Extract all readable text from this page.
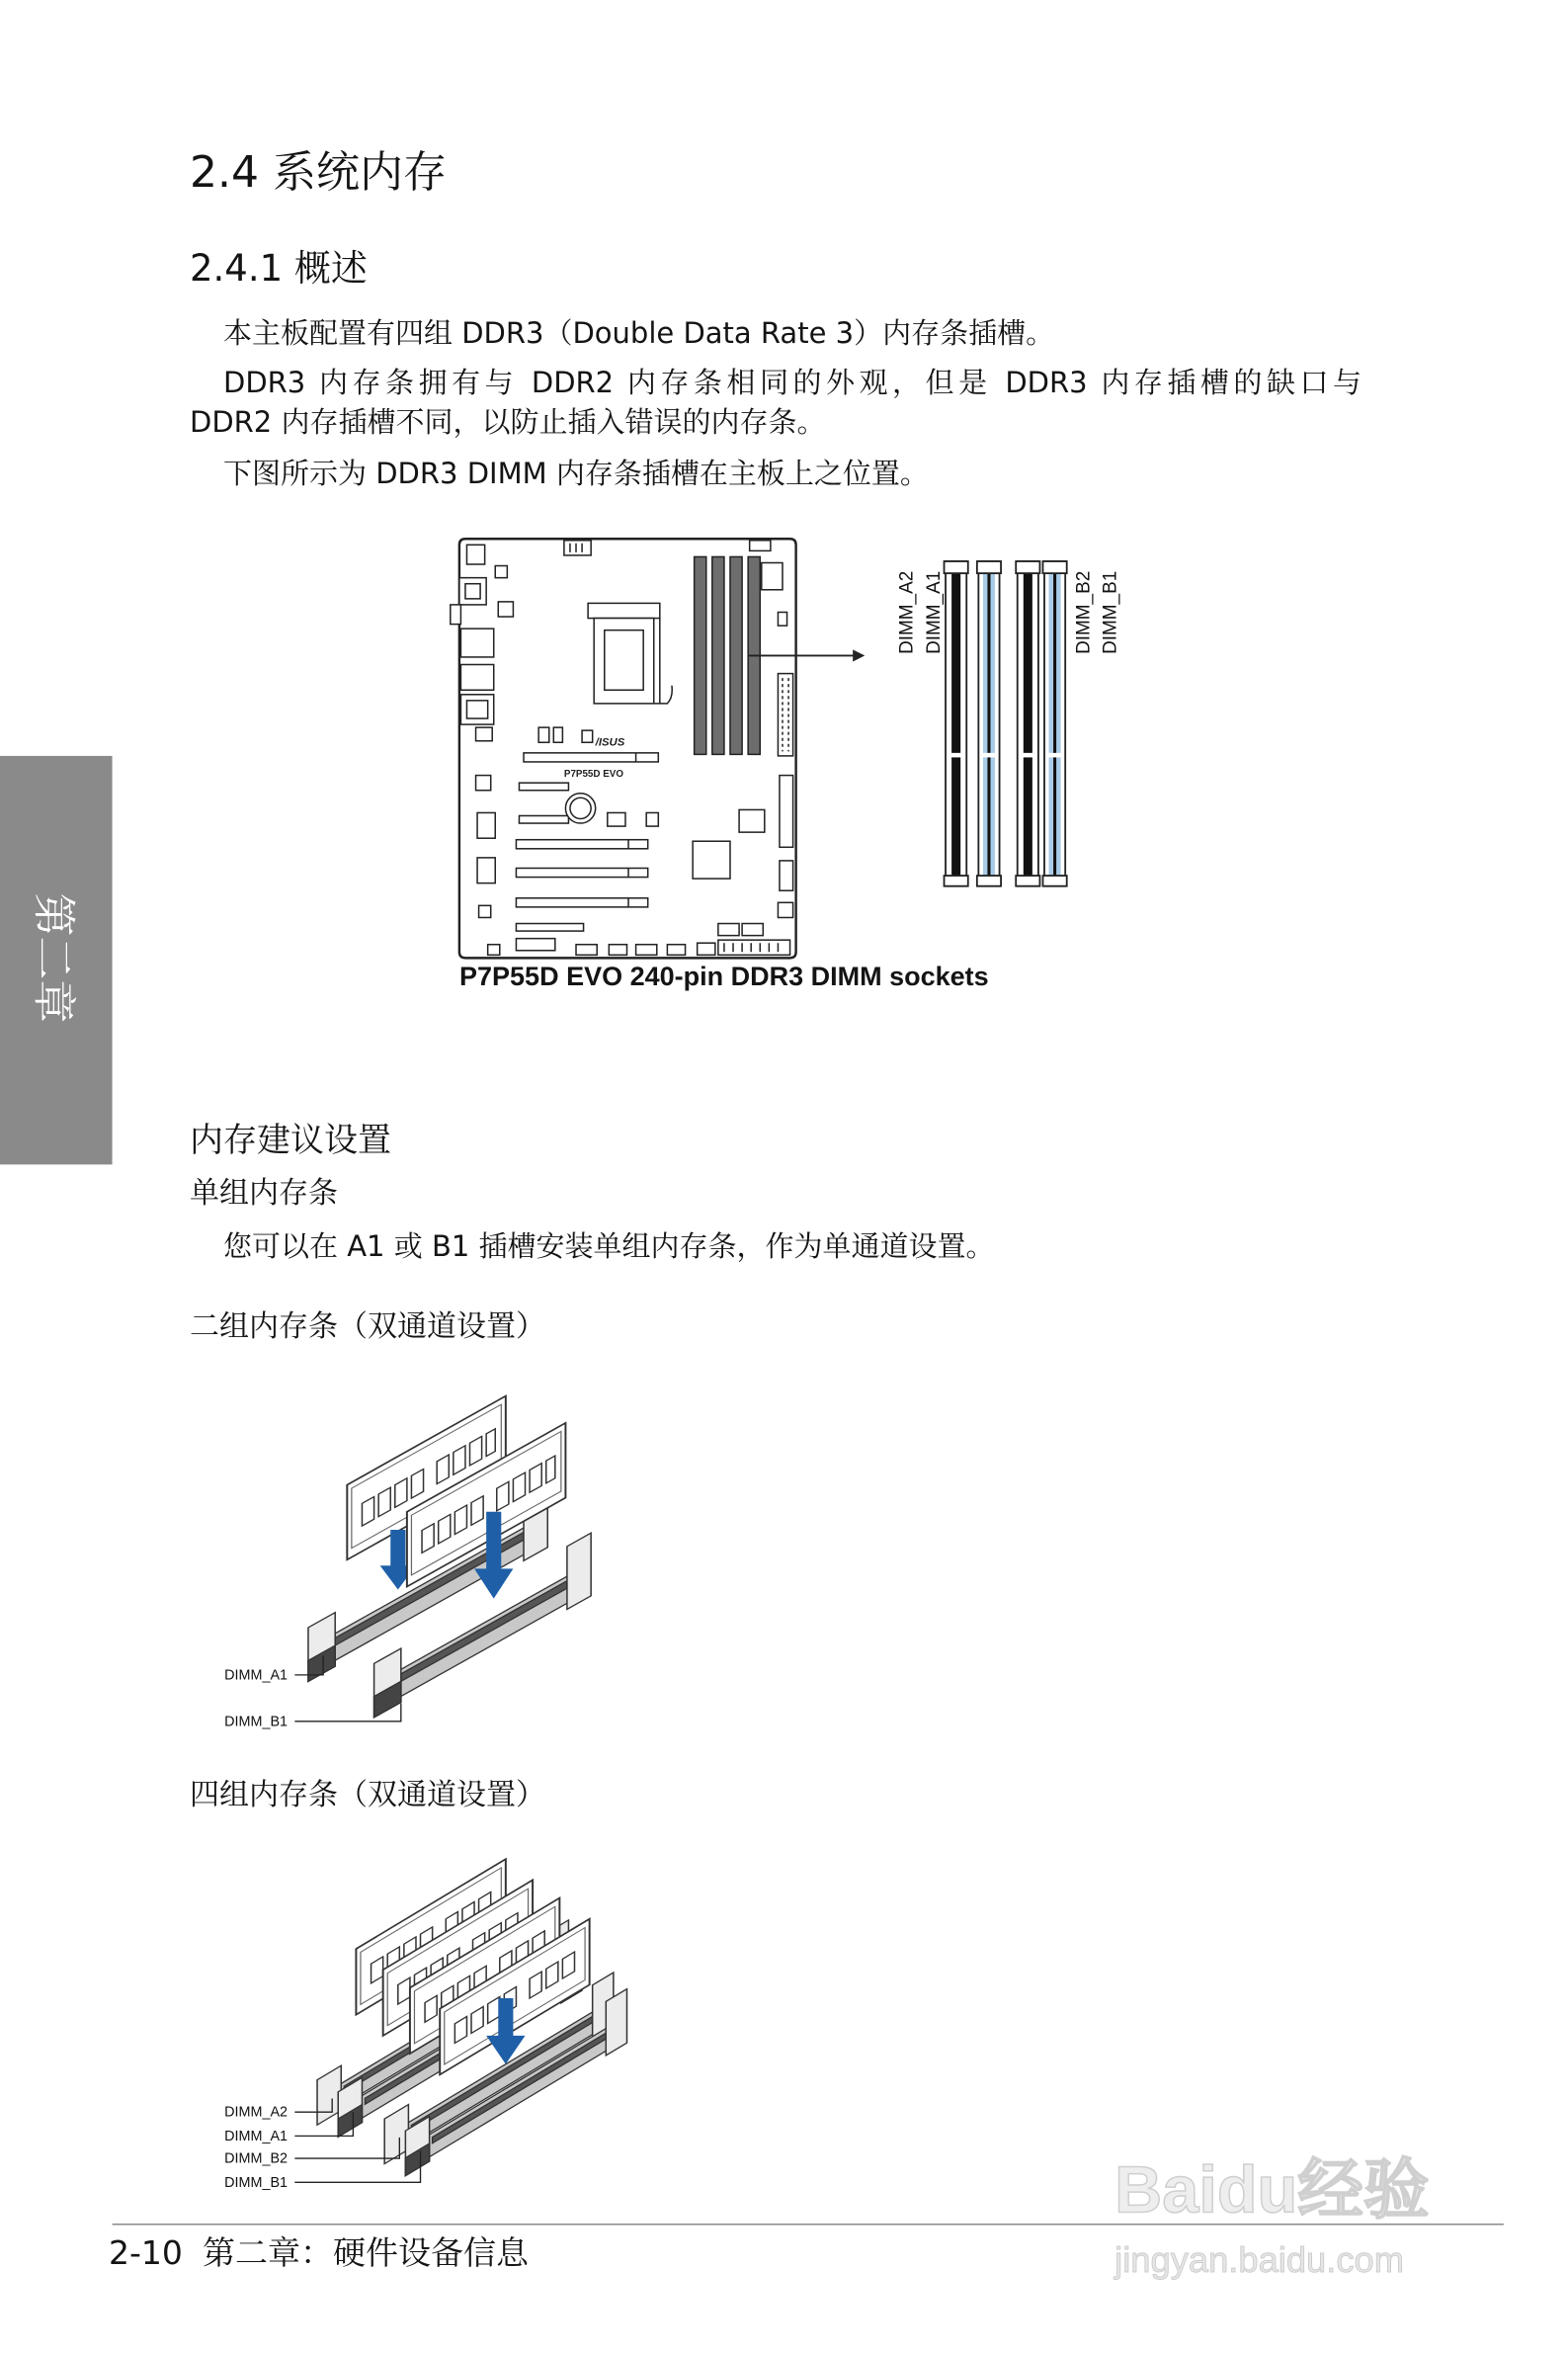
第二章
/ISUS
P7P55D EVO
DIMM_A2 DIMM_A1	DIMM_B2 DIMM_B1
DIMM_A1
DIMM_B1
DIMM_A2
DIMM_A1
DIMM_B2
DIMM_B1	Baidu经验
jingyan.baidu.com
2.4 系统内存
2.4.1 概述

本主板配置有四组 DDR3（Double Data Rate 3）内存条插槽。

DDR3 内存条拥有与 DDR2 内存条相同的外观，但是 DDR3 内存插槽的缺口与

DDR2 内存插槽不同，以防止插入错误的内存条。

下图所示为 DDR3 DIMM 内存条插槽在主板上之位置。

P7P55D EVO 240-pin DDR3 DIMM sockets
内存建议设置
单组内存条

您可以在 A1 或 B1 插槽安装单组内存条，作为单通道设置。

二组内存条（双通道设置）
四组内存条（双通道设置）
2-10 第二章：硬件设备信息
